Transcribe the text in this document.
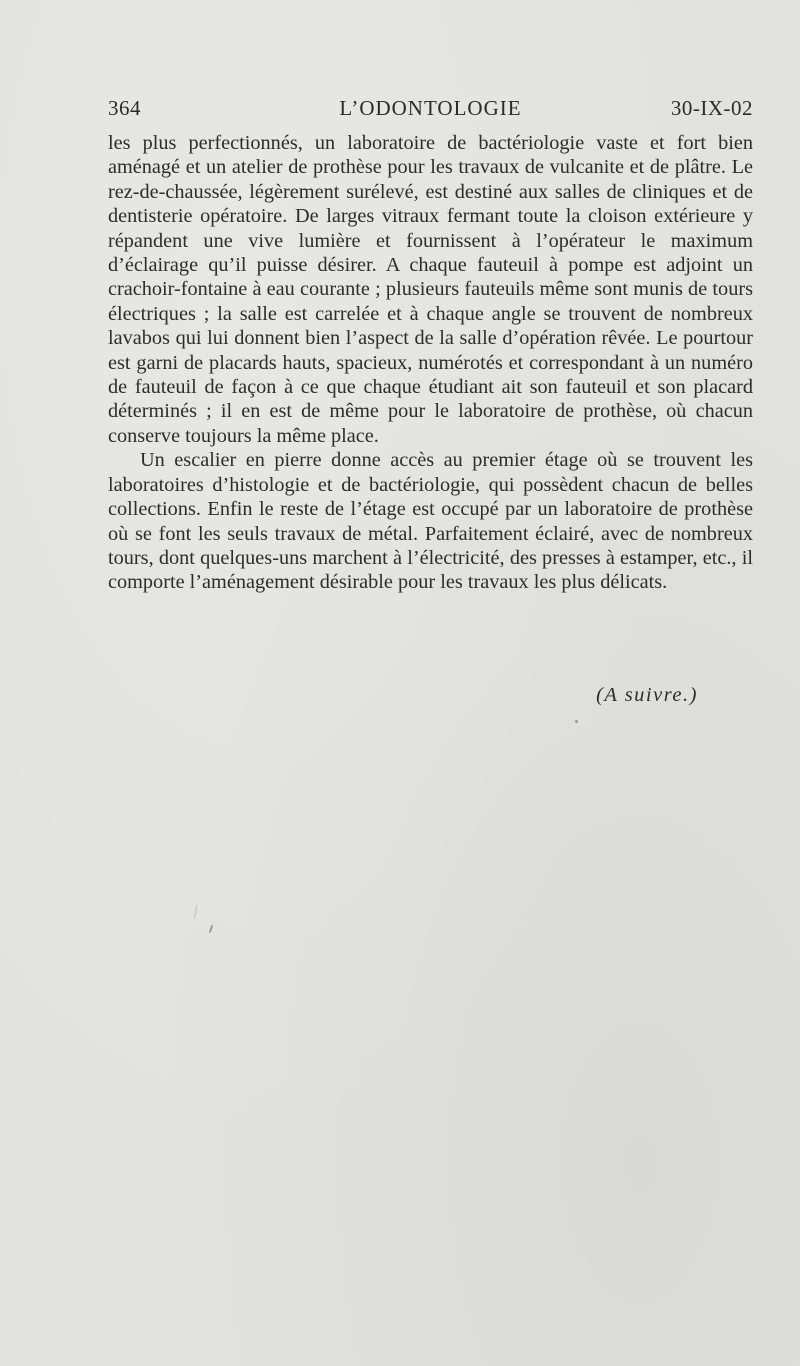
364	L’ODONTOLOGIE	30-IX-02

les plus perfectionnés, un laboratoire de bactériologie vaste et fort bien aménagé et un atelier de prothèse pour les travaux de vulcanite et de plâtre. Le rez-de-chaussée, légèrement surélevé, est destiné aux salles de cliniques et de dentisterie opératoire. De larges vitraux fermant toute la cloison extérieure y répandent une vive lumière et fournissent à l’opérateur le maximum d’éclairage qu’il puisse désirer. A chaque fauteuil à pompe est adjoint un crachoir-fontaine à eau courante ; plusieurs fauteuils même sont munis de tours électriques ; la salle est carrelée et à chaque angle se trouvent de nombreux lavabos qui lui donnent bien l’aspect de la salle d’opération rêvée. Le pourtour est garni de placards hauts, spacieux, numérotés et correspondant à un numéro de fauteuil de façon à ce que chaque étudiant ait son fauteuil et son placard déterminés ; il en est de même pour le laboratoire de prothèse, où chacun conserve toujours la même place.

Un escalier en pierre donne accès au premier étage où se trouvent les laboratoires d’histologie et de bactériologie, qui possèdent chacun de belles collections. Enfin le reste de l’étage est occupé par un laboratoire de prothèse où se font les seuls travaux de métal. Parfaitement éclairé, avec de nombreux tours, dont quelques-uns marchent à l’électricité, des presses à estamper, etc., il comporte l’aménagement désirable pour les travaux les plus délicats.

(A suivre.)
